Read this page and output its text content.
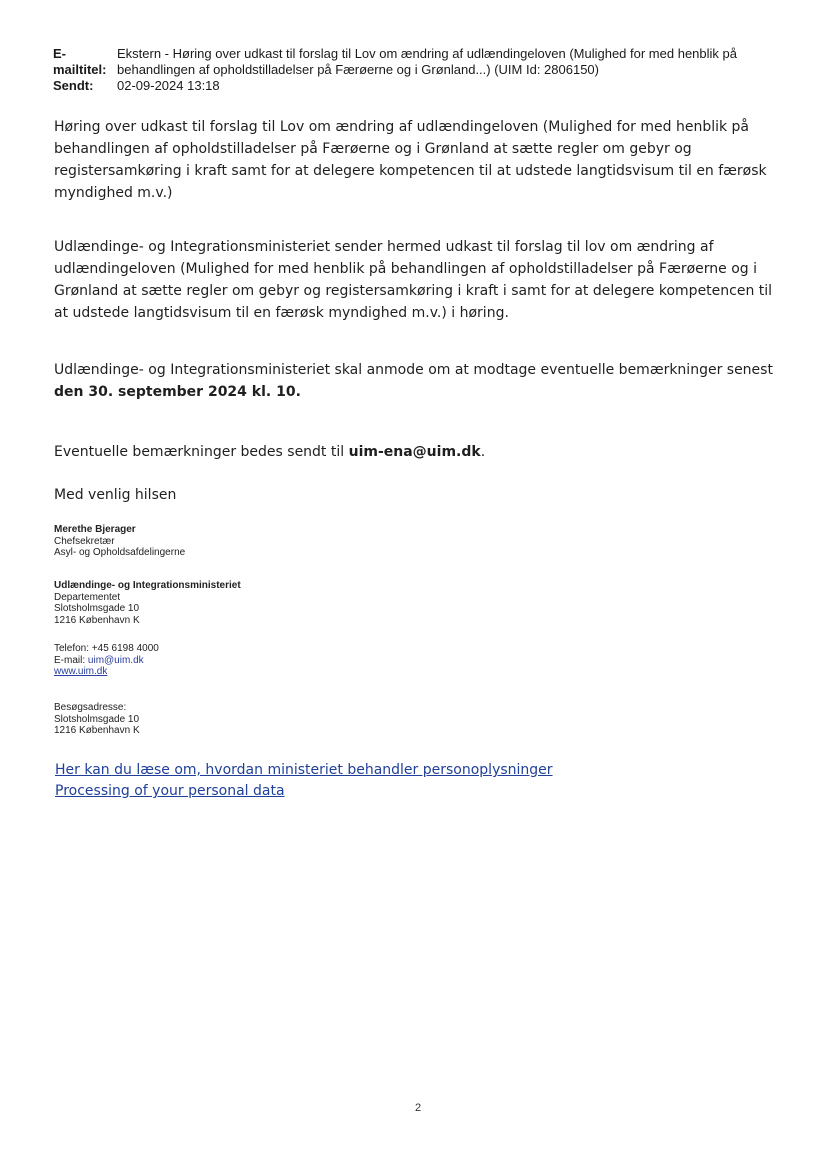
E-
mailtitel:
Ekstern - Høring over udkast til forslag til Lov om ændring af udlændingeloven (Mulighed for med henblik på behandlingen af opholdstilladelser på Færøerne og i Grønland...) (UIM Id: 2806150)
Sendt:	02-09-2024 13:18
Høring over udkast til forslag til Lov om ændring af udlændingeloven (Mulighed for med henblik på behandlingen af opholdstilladelser på Færøerne og i Grønland at sætte regler om gebyr og registersamkøring i kraft samt for at delegere kompetencen til at udstede langtidsvisum til en færøsk myndighed m.v.)
Udlændinge- og Integrationsministeriet sender hermed udkast til forslag til lov om ændring af udlændingeloven (Mulighed for med henblik på behandlingen af opholdstilladelser på Færøerne og i Grønland at sætte regler om gebyr og registersamkøring i kraft i samt for at delegere kompetencen til at udstede langtidsvisum til en færøsk myndighed m.v.) i høring.
Udlændinge- og Integrationsministeriet skal anmode om at modtage eventuelle bemærkninger senest den 30. september 2024 kl. 10.
Eventuelle bemærkninger bedes sendt til uim-ena@uim.dk.
Med venlig hilsen
Merethe Bjerager
Chefsekretær
Asyl- og Opholdsafdelingerne
Udlændinge- og Integrationsministeriet
Departementet
Slotsholmsgade 10
1216 København K
Telefon: +45 6198 4000
E-mail: uim@uim.dk
www.uim.dk
Besøgsadresse:
Slotsholmsgade 10
1216 København K
Her kan du læse om, hvordan ministeriet behandler personoplysninger
Processing of your personal data
2
